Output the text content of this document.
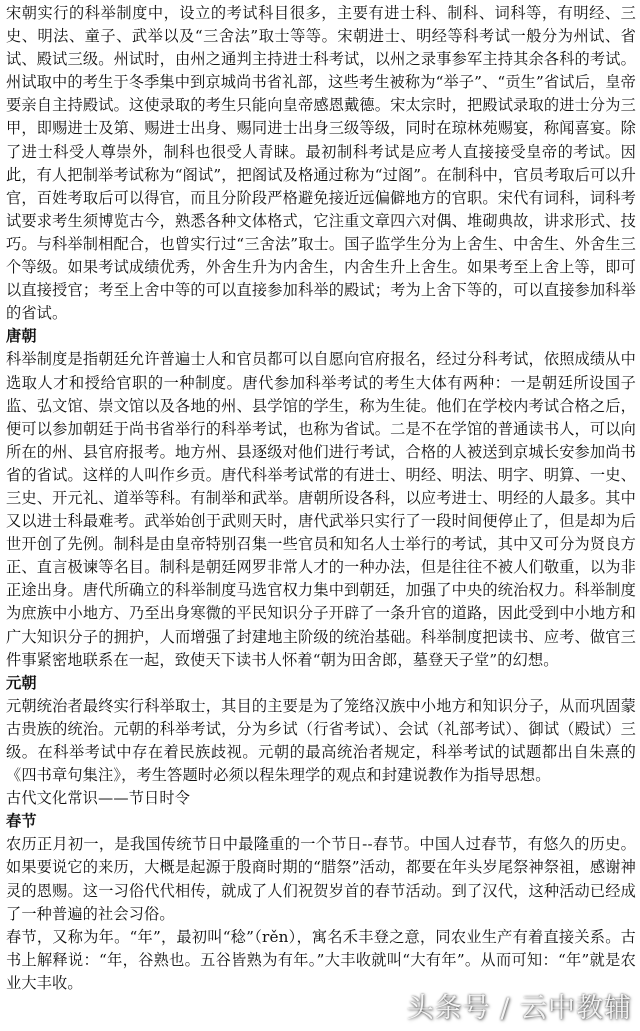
宋朝实行的科举制度中，设立的考试科目很多，主要有进士科、制科、词科等，有明经、三史、明法、童子、武举以及“三舍法”取士等等。宋朝进士、明经等科考试一般分为州试、省试、殿试三级。州试时，由州之通判主持进士科考试，以州之录事参军主持其余各科的考试。州试取中的考生于冬季集中到京城尚书省礼部，这些考生被称为“举子”、“贡生”省试后，皇帝要亲自主持殿试。这使录取的考生只能向皇帝感恩戴德。宋太宗时，把殿试录取的进士分为三甲，即赐进士及第、赐进士出身、赐同进士出身三级等级，同时在琼林苑赐宴，称闻喜宴。除了进士科受人尊崇外，制科也很受人青睐。最初制科考试是应考人直接接受皇帝的考试。因此，有人把制举考试称为“阁试”，把阁试及格通过称为“过阁”。在制科中，官员考取后可以升官，百姓考取后可以得官，而且分阶段严格避免接近远偏僻地方的官职。宋代有词科，词科考试要求考生须博览古今，熟悉各种文体格式，它注重文章四六对偶、堆砌典故，讲求形式、技巧。与科举制相配合，也曾实行过“三舍法”取士。国子监学生分为上舍生、中舍生、外舍生三个等级。如果考试成绩优秀，外舍生升为内舍生，内舍生升上舍生。如果考至上舍上等，即可以直接授官；考至上舍中等的可以直接参加科举的殿试；考为上舍下等的，可以直接参加科举的省试。

唐朝

科举制度是指朝廷允许普遍士人和官员都可以自愿向官府报名，经过分科考试，依照成绩从中选取人才和授给官职的一种制度。唐代参加科举考试的考生大体有两种：一是朝廷所设国子监、弘文馆、崇文馆以及各地的州、县学馆的学生，称为生徒。他们在学校内考试合格之后，便可以参加朝廷于尚书省举行的科举考试，也称为省试。二是不在学馆的普通读书人，可以向所在的州、县官府报考。地方州、县逐级对他们进行考试，合格的人被送到京城长安参加尚书省的省试。这样的人叫作乡贡。唐代科举考试常的有进士、明经、明法、明字、明算、一史、三史、开元礼、道举等科。有制举和武举。唐朝所设各科，以应考进士、明经的人最多。其中又以进士科最难考。武举始创于武则天时，唐代武举只实行了一段时间便停止了，但是却为后世开创了先例。制科是由皇帝特别召集一些官员和知名人士举行的考试，其中又可分为贤良方正、直言极谏等名目。制科是朝廷网罗非常人才的一种办法，但是往往不被人们敬重，以为非正途出身。唐代所确立的科举制度马选官权力集中到朝廷，加强了中央的统治权力。科举制度为庶族中小地方、乃至出身寒微的平民知识分子开辟了一条升官的道路，因此受到中小地方和广大知识分子的拥护，人而增强了封建地主阶级的统治基础。科举制度把读书、应考、做官三件事紧密地联系在一起，致使天下读书人怀着“朝为田舍郎，墓登天子堂”的幻想。

元朝

元朝统治者最终实行科举取士，其目的主要是为了笼络汉族中小地方和知识分子，从而巩固蒙古贵族的统治。元朝的科举考试，分为乡试（行省考试）、会试（礼部考试）、御试（殿试）三级。在科举考试中存在着民族歧视。元朝的最高统治者规定，科举考试的试题都出自朱熹的《四书章句集注》，考生答题时必须以程朱理学的观点和封建说教作为指导思想。

古代文化常识——节日时令

春节

农历正月初一，是我国传统节日中最隆重的一个节日--春节。中国人过春节，有悠久的历史。如果要说它的来历，大概是起源于殷商时期的“腊祭”活动，都要在年头岁尾祭神祭祖，感谢神灵的恩赐。这一习俗代代相传，就成了人们祝贺岁首的春节活动。到了汉代，这种活动已经成了一种普遍的社会习俗。

春节，又称为年。“年”，最初叫“稔”（rěn），寓名禾丰登之意，同农业生产有着直接关系。古书上解释说：“年，谷熟也。五谷皆熟为有年。”大丰收就叫“大有年”。从而可知：“年”就是农业大丰收。

头条号 / 云中教辅
